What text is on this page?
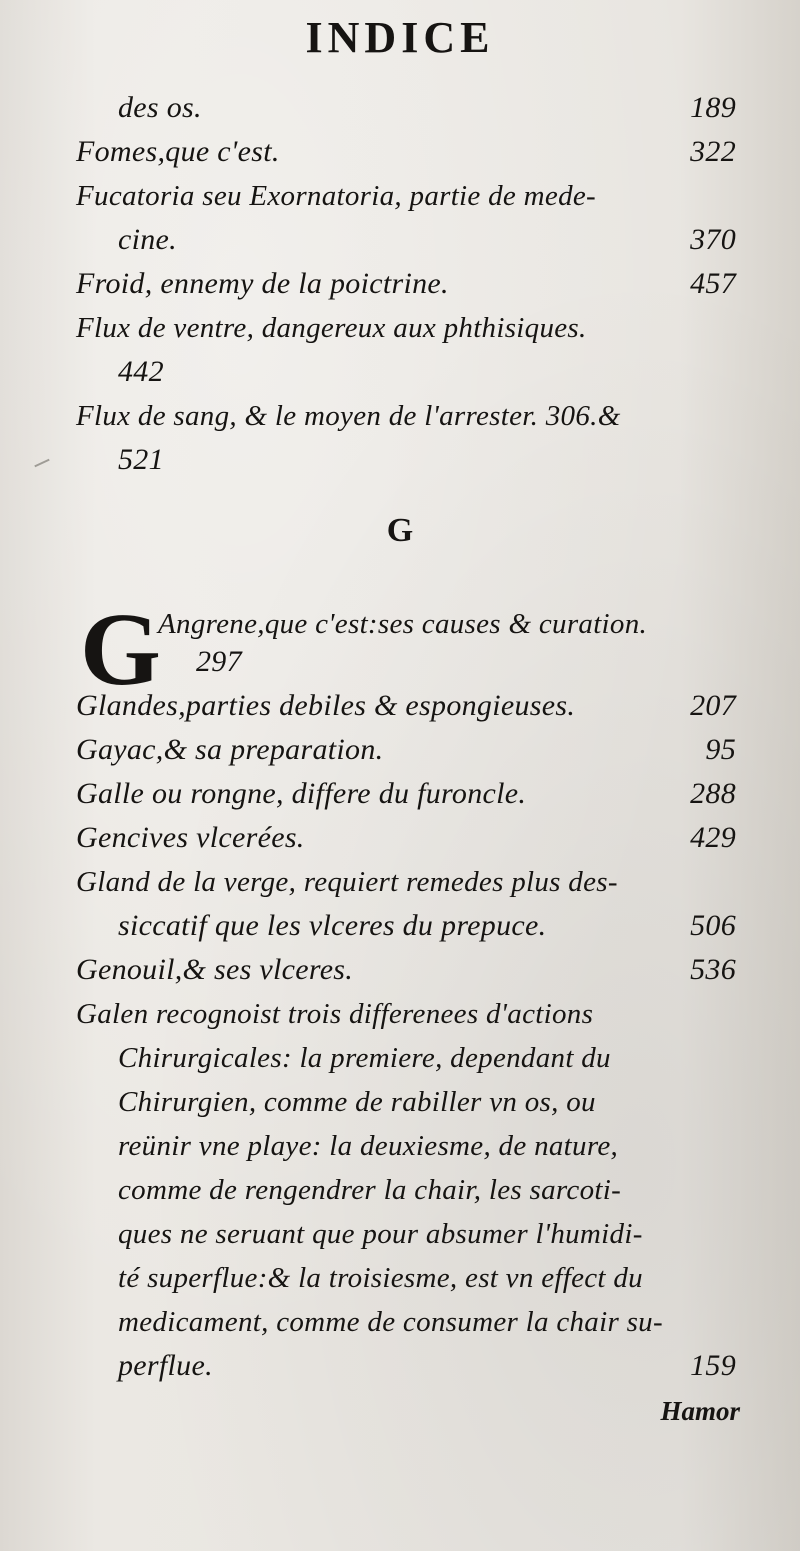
INDICE
des os.	189
Fomes,que c'est.	322
Fucatoria seu Exornatoria, partie de mede-
cine.	370
Froid, ennemy de la poictrine.	457
Flux de ventre, dangereux aux phthisiques.
442
Flux de sang, & le moyen de l'arrester. 306.&
521
G
G
Angrene,que c'est:ses causes & curation.
297
Glandes,parties debiles & espongieuses.	207
Gayac,& sa preparation.	95
Galle ou rongne, differe du furoncle.	288
Gencives vlcerées.	429
Gland de la verge, requiert remedes plus des-
siccatif que les vlceres du prepuce.	506
Genouil,& ses vlceres.	536
Galen recognoist trois differenees d'actions
Chirurgicales: la premiere, dependant du
Chirurgien, comme de rabiller vn os, ou
reünir vne playe: la deuxiesme, de nature,
comme de rengendrer la chair, les sarcoti-
ques ne seruant que pour absumer l'humidi-
té superflue:& la troisiesme, est vn effect du
medicament, comme de consumer la chair su-
perflue.	159
Hamor
